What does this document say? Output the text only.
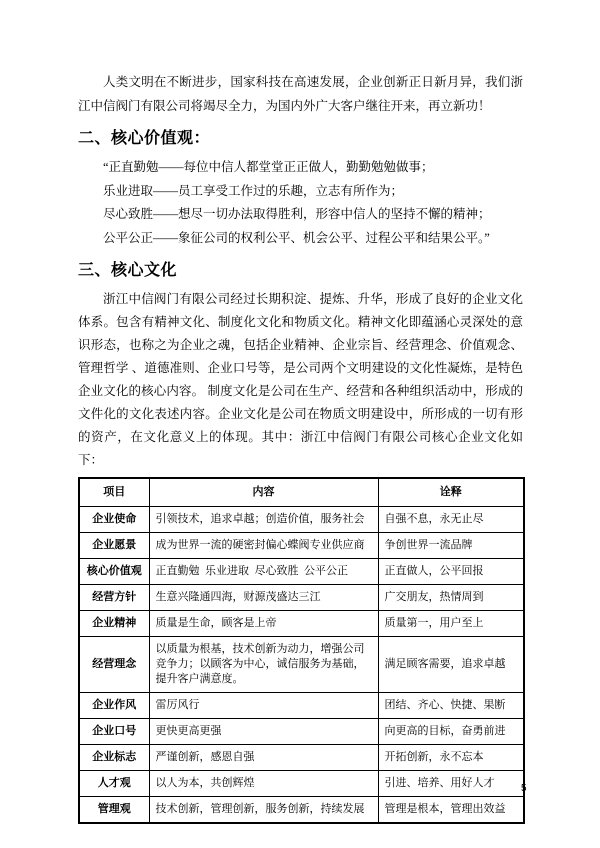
人类文明在不断进步，国家科技在高速发展，企业创新正日新月异，我们浙江中信阀门有限公司将竭尽全力，为国内外广大客户继往开来，再立新功！

二、核心价值观：
“正直勤勉——每位中信人都堂堂正正做人，勤勤勉勉做事；
乐业进取——员工享受工作过的乐趣，立志有所作为；
尽心致胜——想尽一切办法取得胜利，形容中信人的坚持不懈的精神；
公平公正——象征公司的权利公平、机会公平、过程公平和结果公平。”
三、核心文化

浙江中信阀门有限公司经过长期积淀、提炼、升华，形成了良好的企业文化体系。包含有精神文化、制度化文化和物质文化。精神文化即蕴涵心灵深处的意识形态，也称之为企业之魂，包括企业精神、企业宗旨、经营理念、价值观念、管理哲学 、道德准则、企业口号等，是公司两个文明建设的文化性凝炼，是特色企业文化的核心内容。 制度文化是公司在生产、经营和各种组织活动中，形成的文件化的文化表述内容。企业文化是公司在物质文明建设中，所形成的一切有形的资产，在文化意义上的体现。其中：浙江中信阀门有限公司核心企业文化如下：

项目	内容	诠释
企业使命	引领技术，追求卓越；创造价值，服务社会	自强不息，永无止尽
企业愿景	成为世界一流的硬密封偏心蝶阀专业供应商	争创世界一流品牌
核心价值观	正直勤勉  乐业进取  尽心致胜  公平公正	正直做人，公平回报
经营方针	生意兴隆通四海，财源茂盛达三江	广交朋友，热情周到
企业精神	质量是生命，顾客是上帝	质量第一，用户至上
经营理念	以质量为根基，技术创新为动力，增强公司竞争力；以顾客为中心，诚信服务为基础，提升客户满意度。	满足顾客需要，追求卓越
企业作风	雷厉风行	团结、齐心、快捷、果断
企业口号	更快更高更强	向更高的目标，奋勇前进
企业标志	严谨创新，感恩自强	开拓创新，永不忘本
人才观	以人为本，共创辉煌	引进、培养、用好人才
管理观	技术创新，管理创新，服务创新，持续发展	管理是根本，管理出效益
5
